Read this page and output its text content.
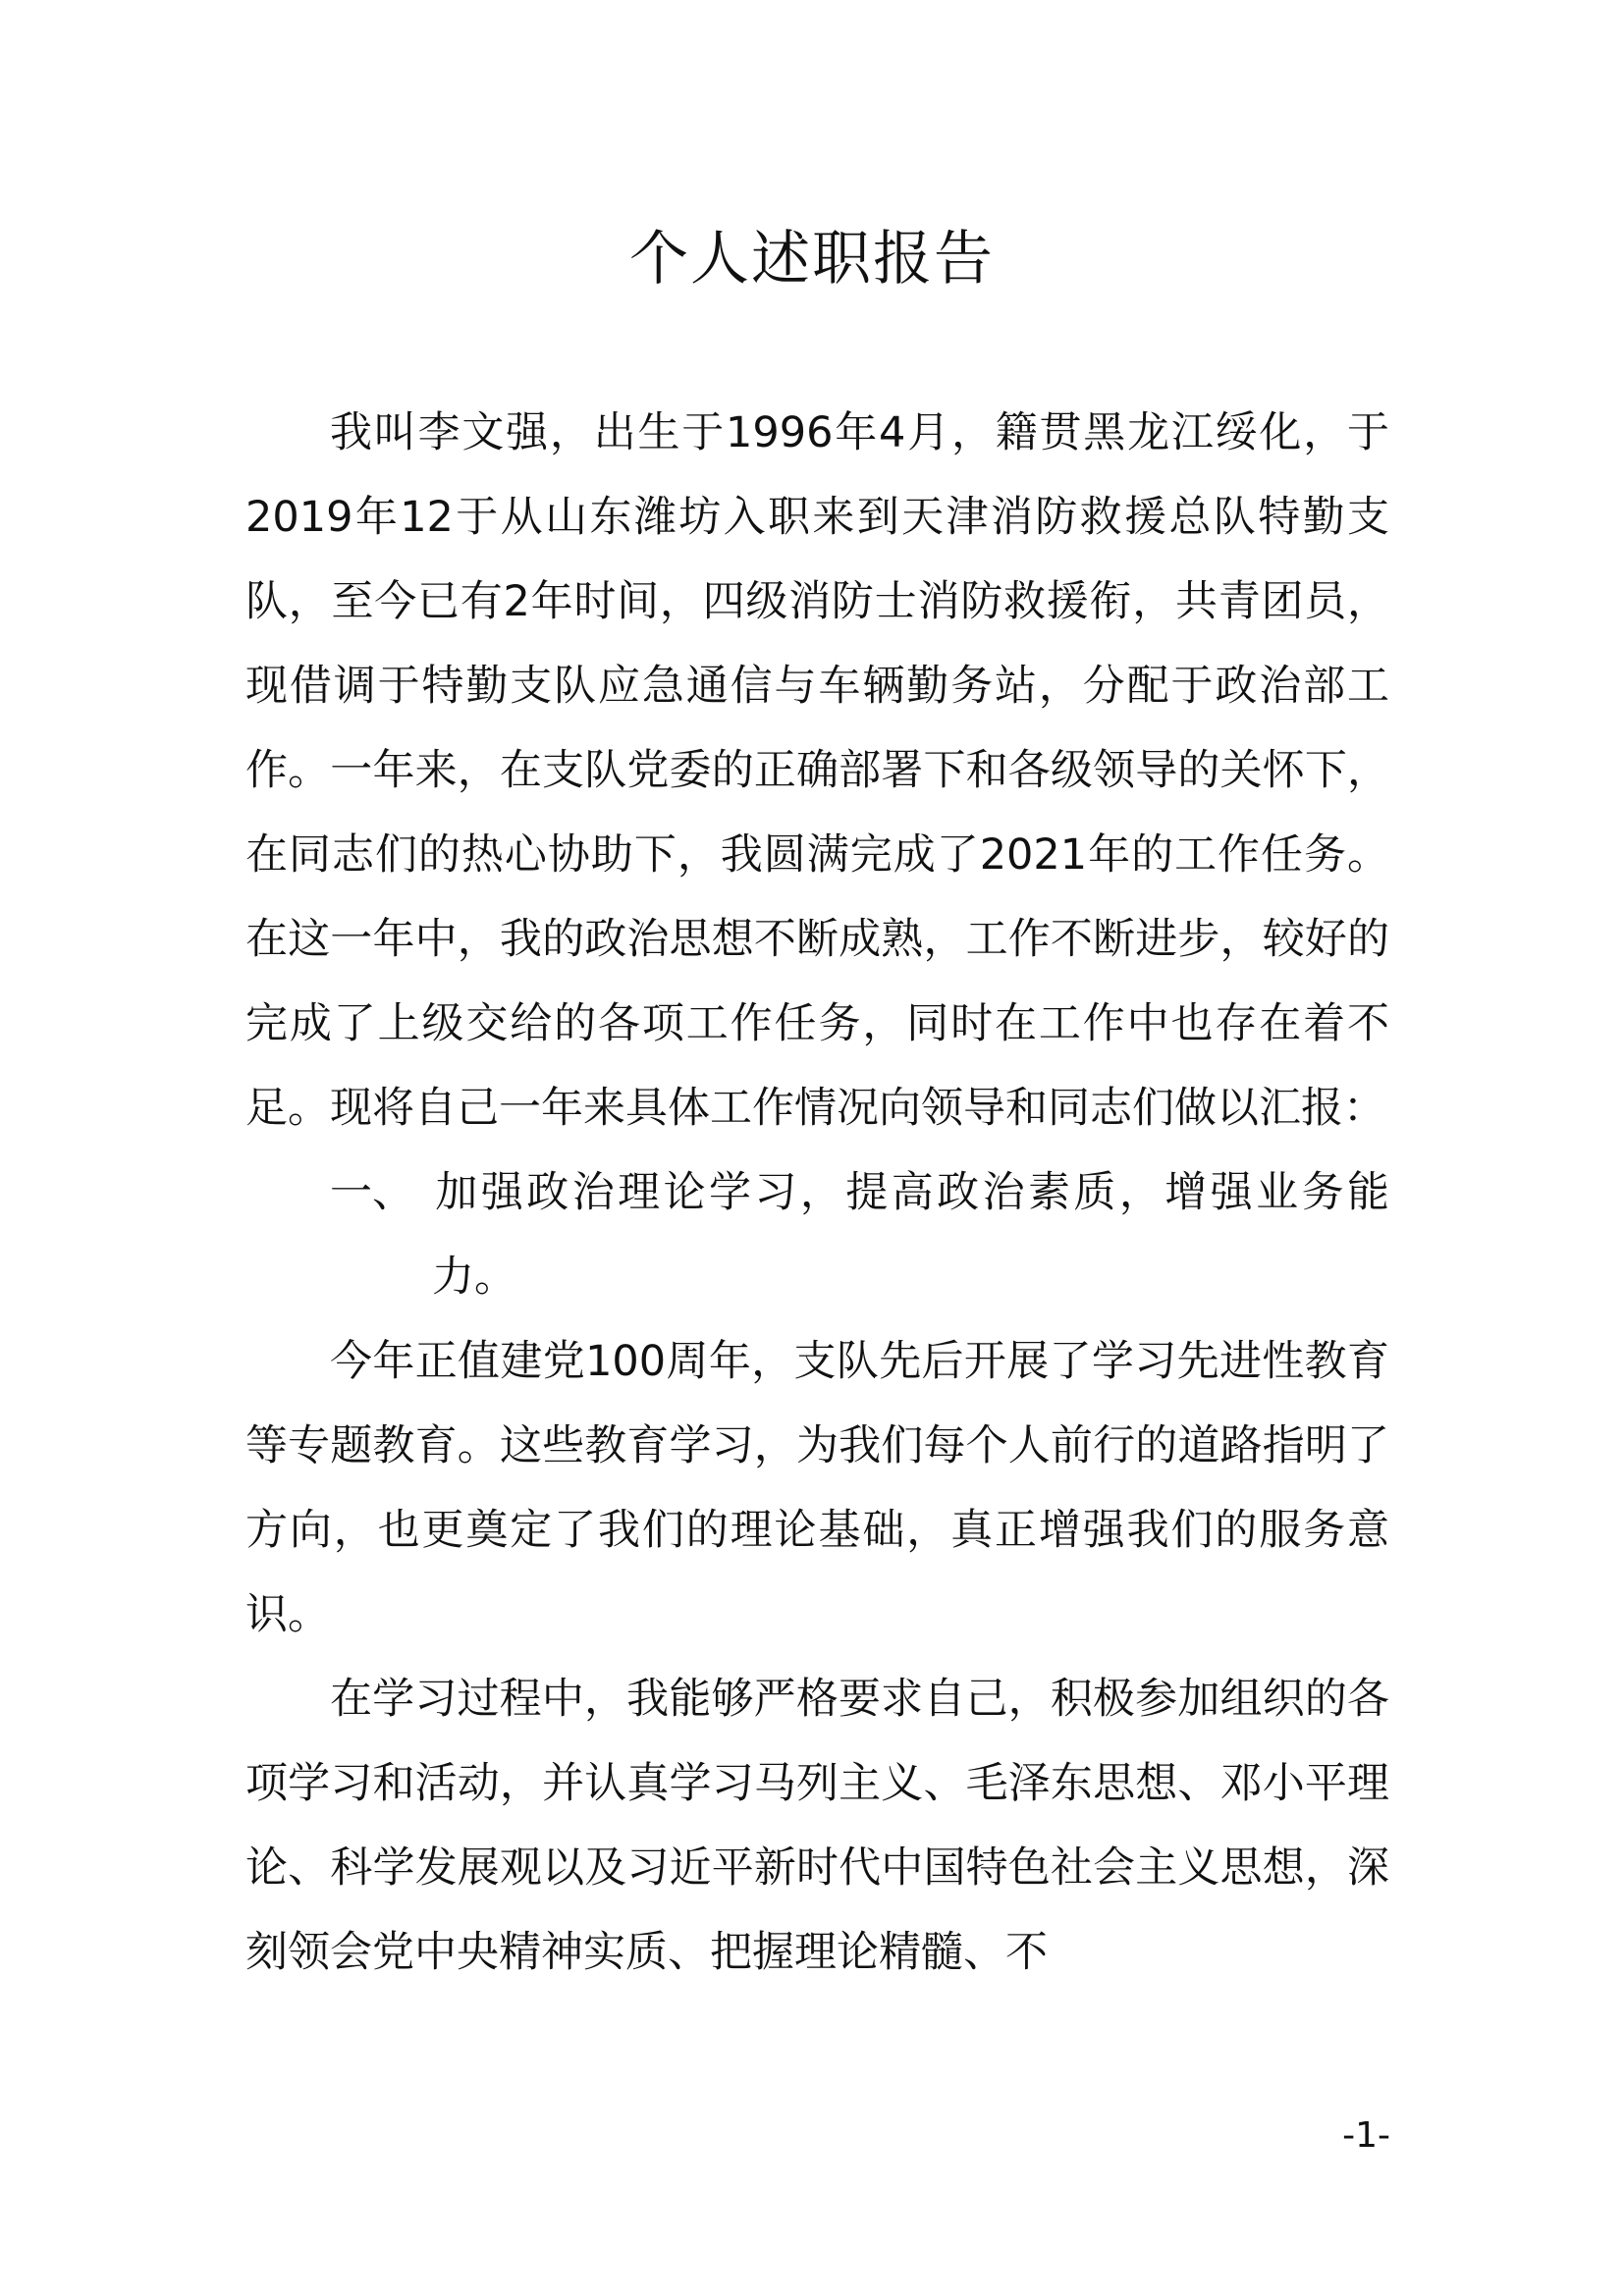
个人述职报告

我叫李文强，出生于1996年4月，籍贯黑龙江绥化，于2019年12于从山东潍坊入职来到天津消防救援总队特勤支队，至今已有2年时间，四级消防士消防救援衔，共青团员，现借调于特勤支队应急通信与车辆勤务站，分配于政治部工作。一年来，在支队党委的正确部署下和各级领导的关怀下，在同志们的热心协助下，我圆满完成了2021年的工作任务。在这一年中，我的政治思想不断成熟，工作不断进步，较好的完成了上级交给的各项工作任务，同时在工作中也存在着不足。现将自己一年来具体工作情况向领导和同志们做以汇报：

一、 加强政治理论学习，提高政治素质，增强业务能力。

今年正值建党100周年，支队先后开展了学习先进性教育等专题教育。这些教育学习，为我们每个人前行的道路指明了方向，也更奠定了我们的理论基础，真正增强我们的服务意识。

在学习过程中，我能够严格要求自己，积极参加组织的各项学习和活动，并认真学习马列主义、毛泽东思想、邓小平理论、科学发展观以及习近平新时代中国特色社会主义思想，深刻领会党中央精神实质、把握理论精髓、不

-1-
